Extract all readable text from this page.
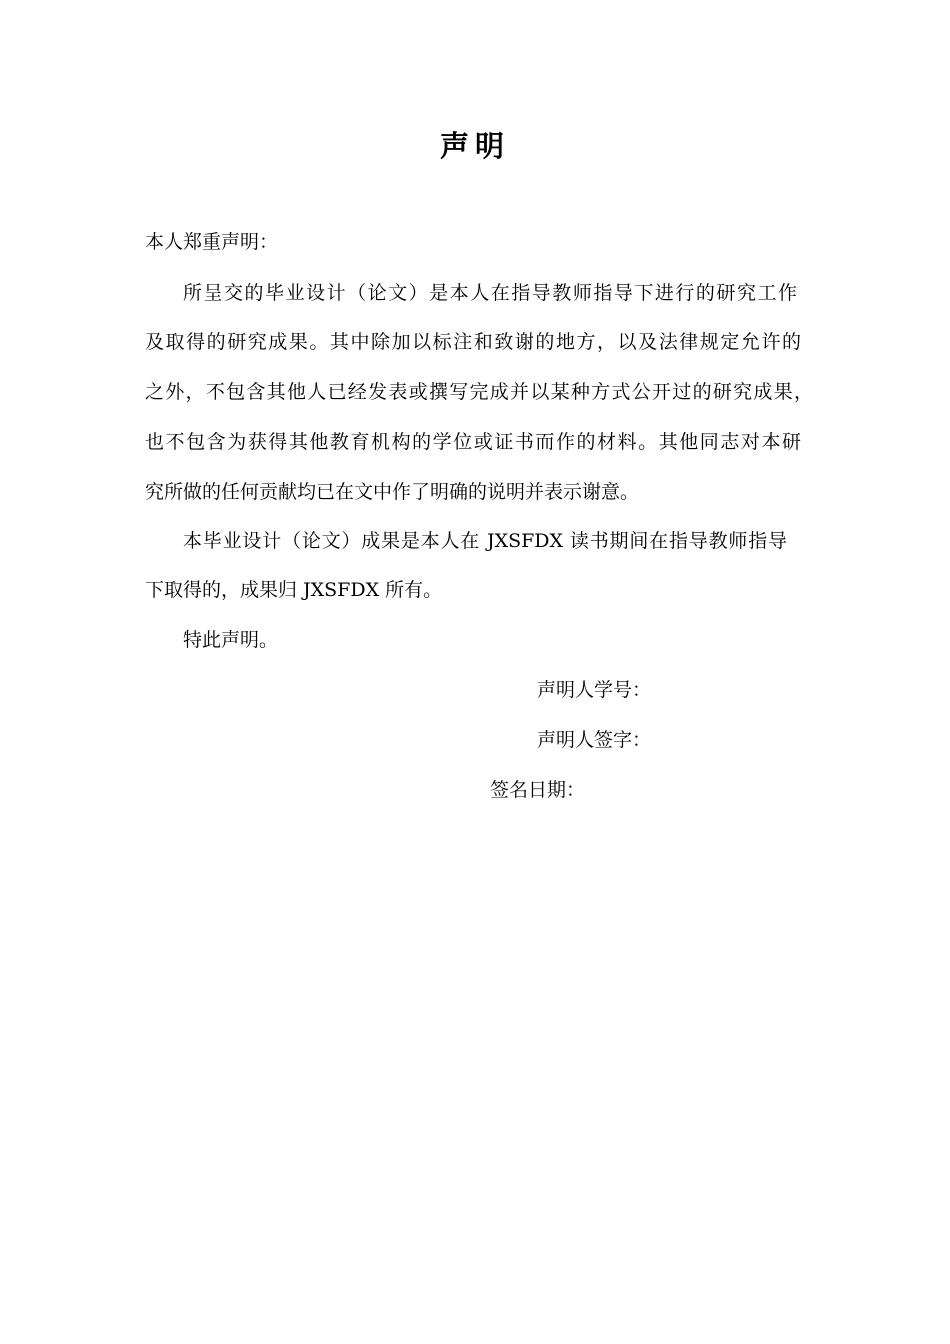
声明
本人郑重声明：
所呈交的毕业设计（论文）是本人在指导教师指导下进行的研究工作
及取得的研究成果。其中除加以标注和致谢的地方，以及法律规定允许的
之外，不包含其他人已经发表或撰写完成并以某种方式公开过的研究成果，
也不包含为获得其他教育机构的学位或证书而作的材料。其他同志对本研
究所做的任何贡献均已在文中作了明确的说明并表示谢意。
本毕业设计（论文）成果是本人在 JXSFDX 读书期间在指导教师指导
下取得的，成果归 JXSFDX 所有。
特此声明。
声明人学号：
声明人签字：
签名日期：
